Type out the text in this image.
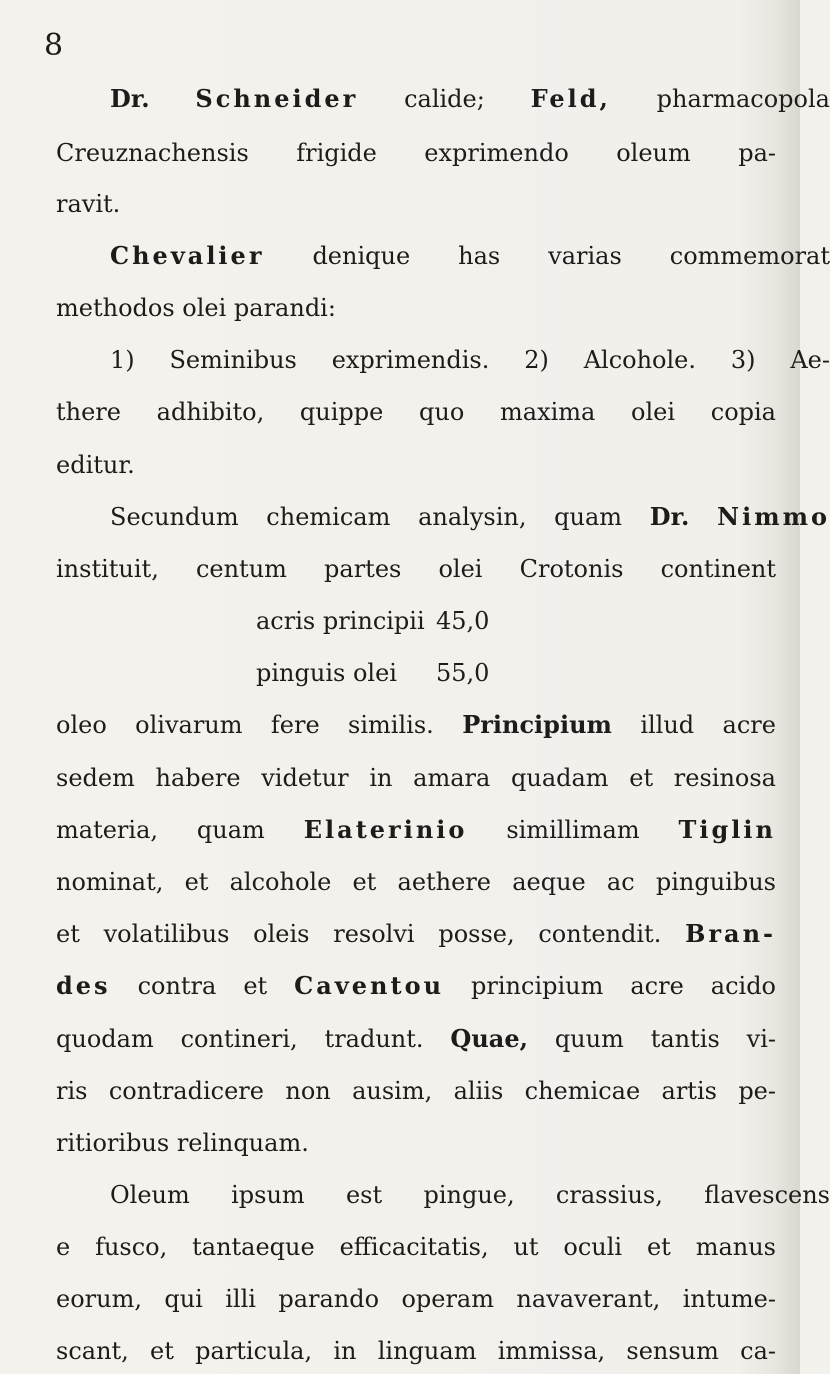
8
Dr. Schneider calide; Feld, pharmacopola
Creuznachensis frigide exprimendo oleum pa-
ravit.
Chevalier denique has varias commemorat
methodos olei parandi:
1) Seminibus exprimendis. 2) Alcohole. 3) Ae-
there adhibito, quippe quo maxima olei copia
editur.
Secundum chemicam analysin, quam Dr. Nimmo
instituit, centum partes olei Crotonis continent
acris principii 45,0
pinguis olei 55,0
oleo olivarum fere similis. Principium illud acre
sedem habere videtur in amara quadam et resinosa
materia, quam Elaterinio simillimam Tiglin
nominat, et alcohole et aethere aeque ac pinguibus
et volatilibus oleis resolvi posse, contendit. Bran-
des contra et Caventou principium acre acido
quodam contineri, tradunt. Quae, quum tantis vi-
ris contradicere non ausim, aliis chemicae artis pe-
ritioribus relinquam.
Oleum ipsum est pingue, crassius, flavescens
e fusco, tantaeque efficacitatis, ut oculi et manus
eorum, qui illi parando operam navaverant, intume-
scant, et particula, in linguam immissa, sensum ca-
